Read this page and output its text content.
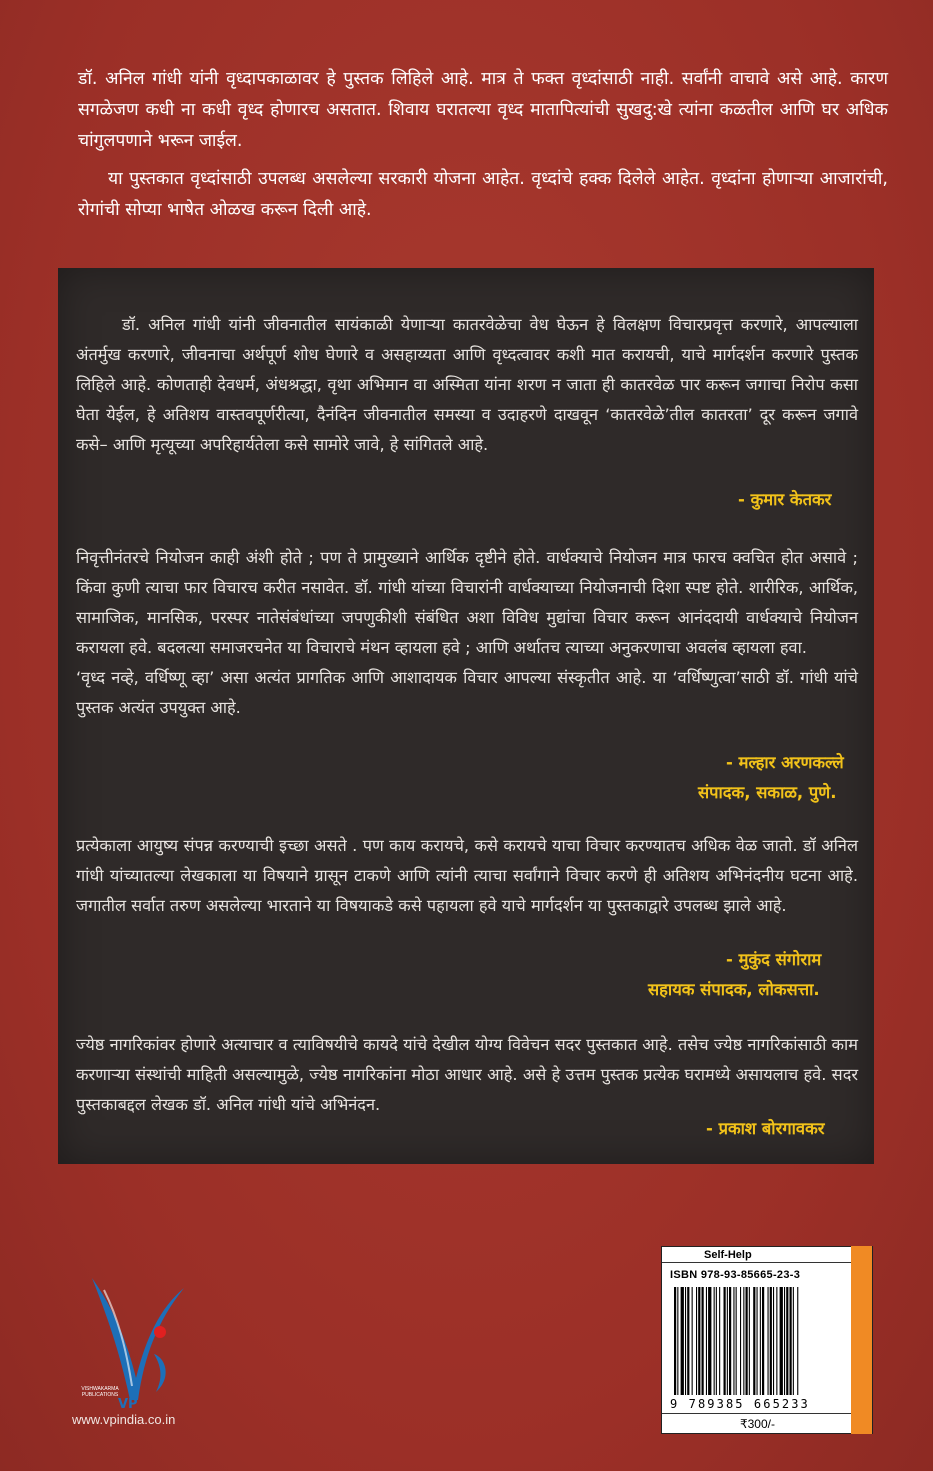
डॉ. अनिल गांधी यांनी वृध्दापकाळावर हे पुस्तक लिहिले आहे. मात्र ते फक्त वृध्दांसाठी नाही. सर्वांनी वाचावे असे आहे. कारण सगळेजण कधी ना कधी वृध्द होणारच असतात. शिवाय घरातल्या वृध्द मातापित्यांची सुखदु:खे त्यांना कळतील आणि घर अधिक चांगुलपणाने भरून जाईल.

या पुस्तकात वृध्दांसाठी उपलब्ध असलेल्या सरकारी योजना आहेत. वृध्दांचे हक्क दिलेले आहेत. वृध्दांना होणाऱ्या आजारांची, रोगांची सोप्या भाषेत ओळख करून दिली आहे.

डॉ. अनिल गांधी यांनी जीवनातील सायंकाळी येणाऱ्या कातरवेळेचा वेध घेऊन हे विलक्षण विचारप्रवृत्त करणारे, आपल्याला अंतर्मुख करणारे, जीवनाचा अर्थपूर्ण शोध घेणारे व असहाय्यता आणि वृध्दत्वावर कशी मात करायची, याचे मार्गदर्शन करणारे पुस्तक लिहिले आहे. कोणताही देवधर्म, अंधश्रद्धा, वृथा अभिमान वा अस्मिता यांना शरण न जाता ही कातरवेळ पार करून जगाचा निरोप कसा घेता येईल, हे अतिशय वास्तवपूर्णरीत्या, दैनंदिन जीवनातील समस्या व उदाहरणे दाखवून ‘कातरवेळे’तील कातरता’ दूर करून जगावे कसे– आणि मृत्यूच्या अपरिहार्यतेला कसे सामोरे जावे, हे सांगितले आहे.

- कुमार केतकर

निवृत्तीनंतरचे नियोजन काही अंशी होते ; पण ते प्रामुख्याने आर्थिक दृष्टीने होते. वार्धक्याचे नियोजन मात्र फारच क्वचित होत असावे ; किंवा कुणी त्याचा फार विचारच करीत नसावेत. डॉ. गांधी यांच्या विचारांनी वार्धक्याच्या नियोजनाची दिशा स्पष्ट होते. शारीरिक, आर्थिक, सामाजिक, मानसिक, परस्पर नातेसंबंधांच्या जपणुकीशी संबंधित अशा विविध मुद्यांचा विचार करून आनंददायी वार्धक्याचे नियोजन करायला हवे. बदलत्या समाजरचनेत या विचाराचे मंथन व्हायला हवे ; आणि अर्थातच त्याच्या अनुकरणाचा अवलंब व्हायला हवा.

‘वृध्द नव्हे, वर्धिष्णू व्हा’ असा अत्यंत प्रागतिक आणि आशादायक विचार आपल्या संस्कृतीत आहे. या ‘वर्धिष्णुत्वा’साठी डॉ. गांधी यांचे पुस्तक अत्यंत उपयुक्त आहे.

- मल्हार अरणकल्ले
संपादक, सकाळ, पुणे.

प्रत्येकाला आयुष्य संपन्न करण्याची इच्छा असते . पण काय करायचे, कसे करायचे याचा विचार करण्यातच अधिक वेळ जातो. डॉ अनिल गांधी यांच्यातल्या लेखकाला या विषयाने ग्रासून टाकणे आणि त्यांनी त्याचा सर्वांगाने विचार करणे ही अतिशय अभिनंदनीय घटना आहे. जगातील सर्वात तरुण असलेल्या भारताने या विषयाकडे कसे पहायला हवे याचे मार्गदर्शन या पुस्तकाद्वारे उपलब्ध झाले आहे.

- मुकुंद संगोराम
सहायक संपादक, लोकसत्ता.

ज्येष्ठ नागरिकांवर होणारे अत्याचार व त्याविषयीचे कायदे यांचे देखील योग्य विवेचन सदर पुस्तकात आहे. तसेच ज्येष्ठ नागरिकांसाठी काम करणाऱ्या संस्थांची माहिती असल्यामुळे, ज्येष्ठ नागरिकांना मोठा आधार आहे. असे हे उत्तम पुस्तक प्रत्येक घरामध्ये असायलाच हवे. सदर पुस्तकाबद्दल लेखक डॉ. अनिल गांधी यांचे अभिनंदन.

- प्रकाश बोरगावकर
VP
VISHWAKARMA PUBLICATIONS
www.vpindia.co.in
Self-Help
ISBN 978-93-85665-23-3
9 789385 665233
₹300/-
